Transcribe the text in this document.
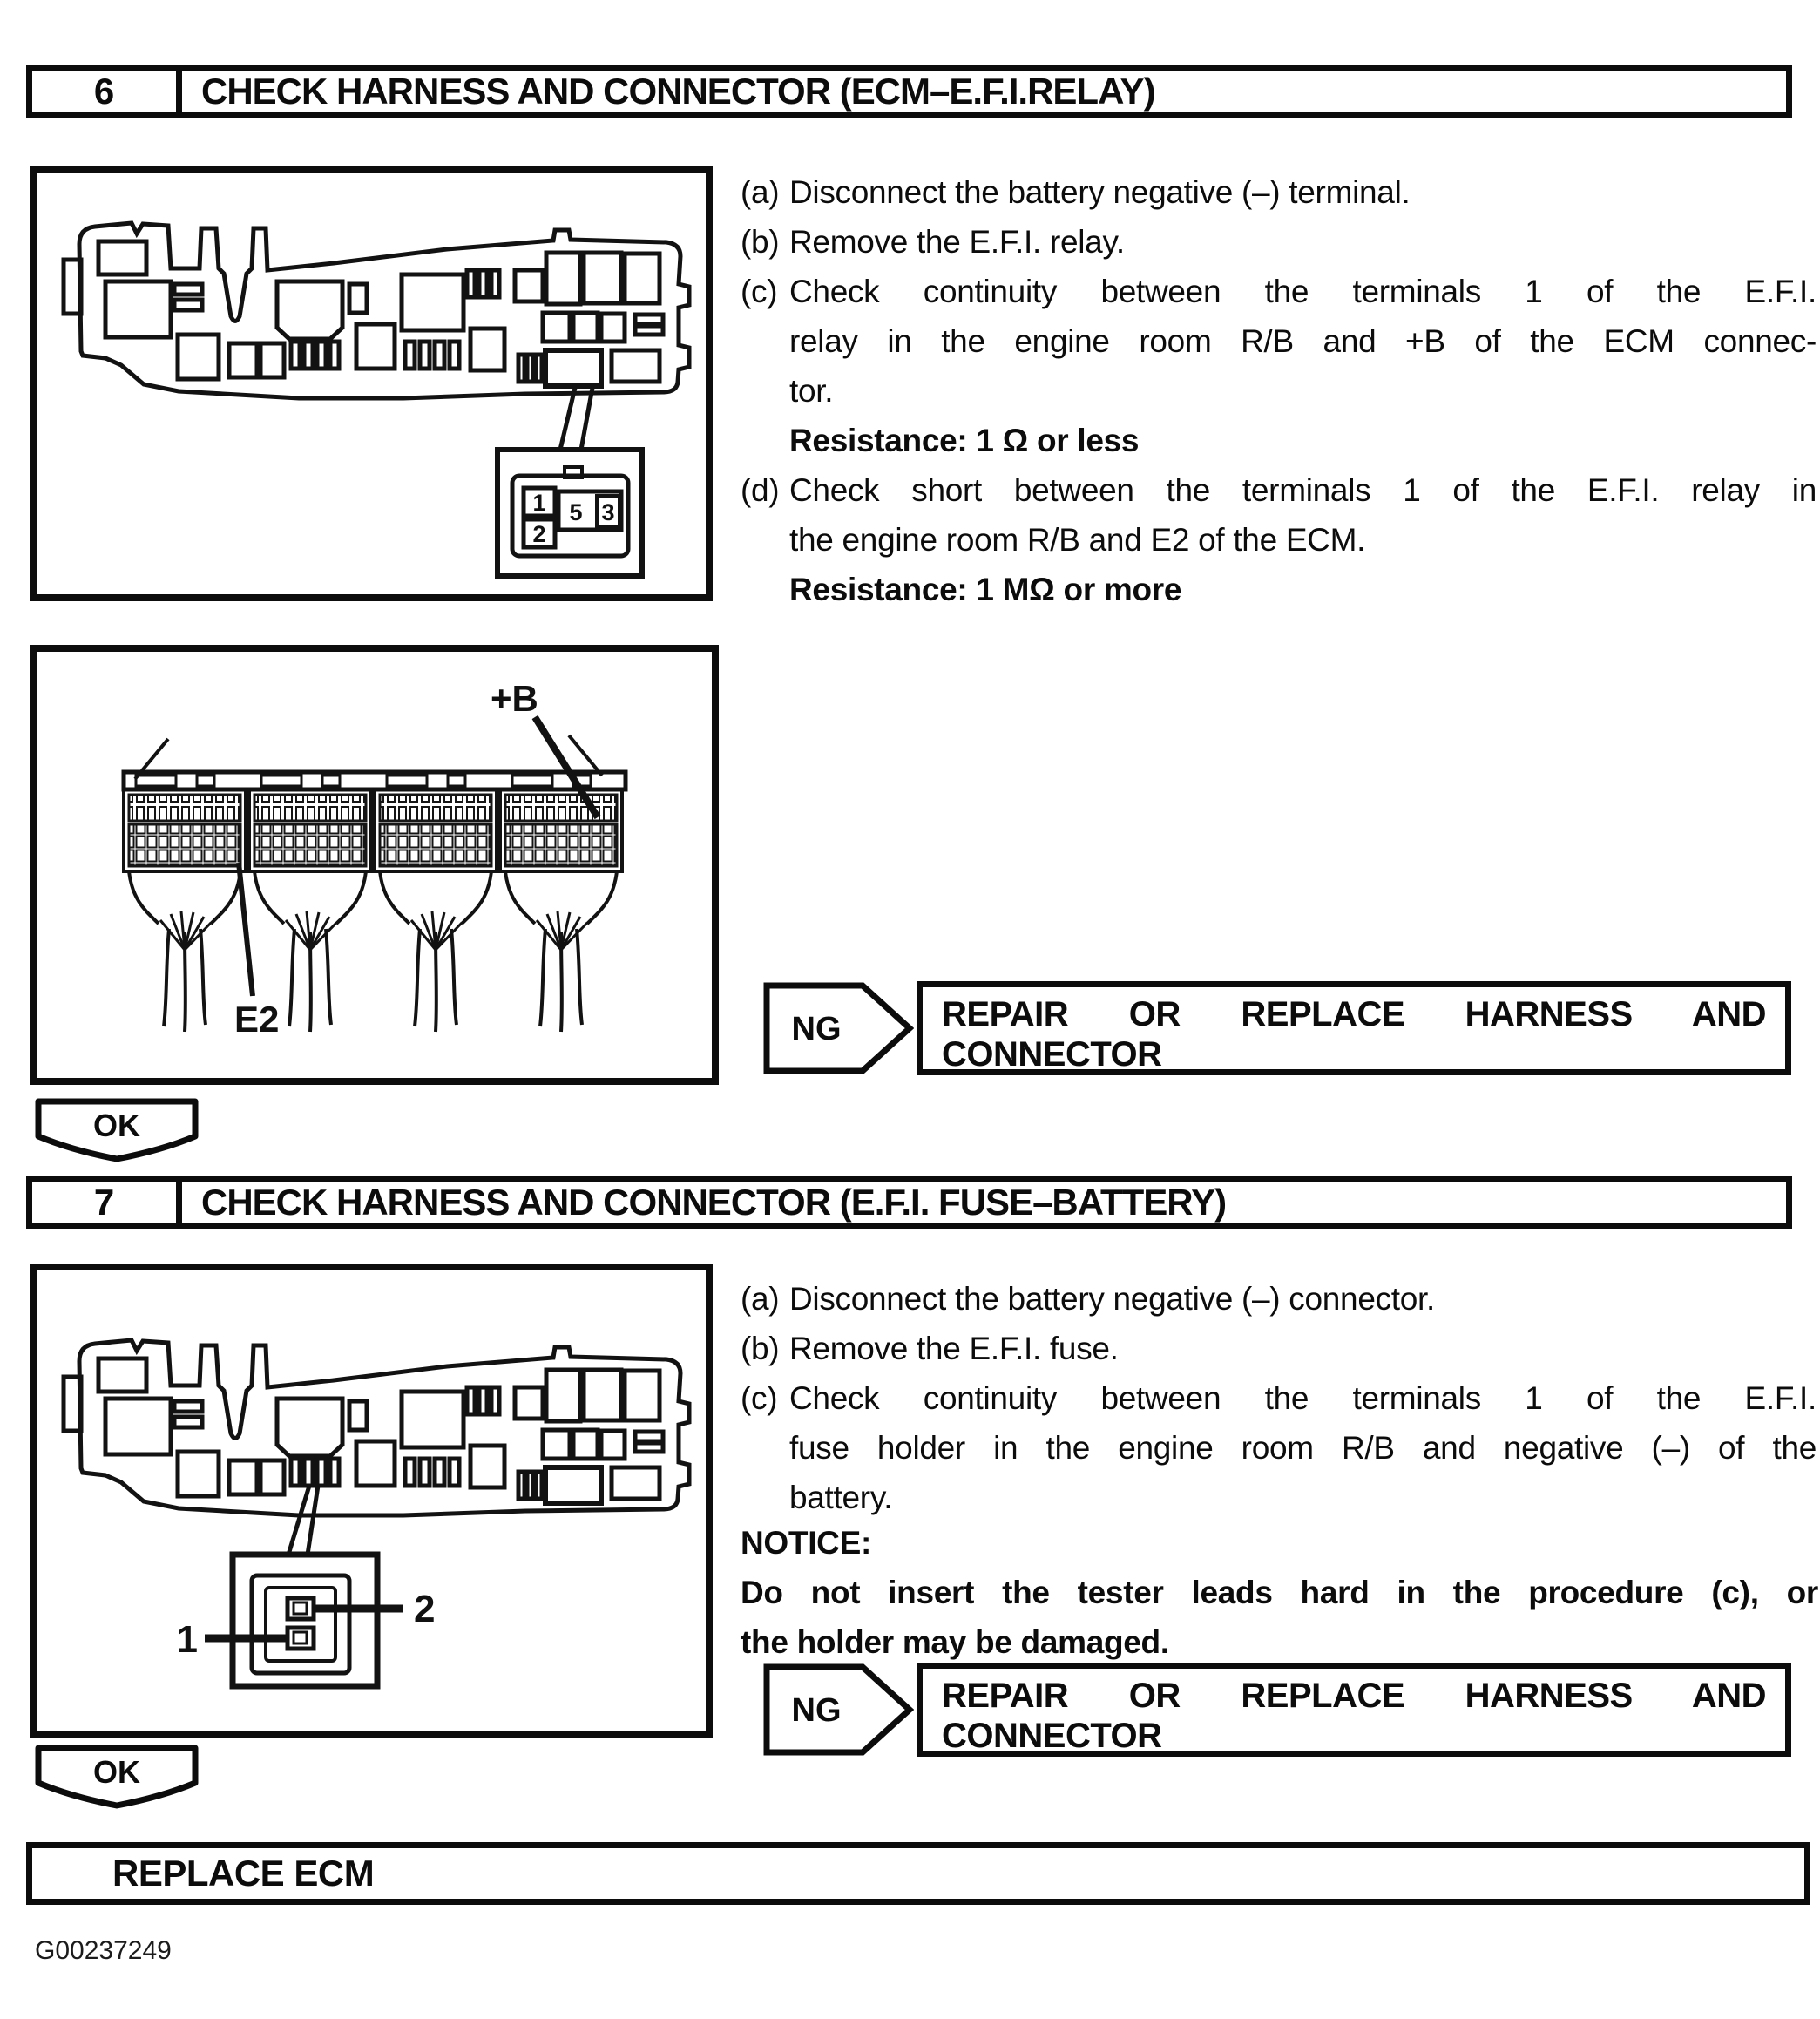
6	CHECK HARNESS AND CONNECTOR (ECM–E.F.I.RELAY)
1
2
5 3
(a) Disconnect the battery negative (–) terminal.
(b) Remove the E.F.I. relay.
(c) Check continuity between the terminals 1 of the E.F.I.
relay in the engine room R/B and +B of the ECM connec-
tor.
Resistance: 1 Ω or less
(d) Check short between the terminals 1 of the E.F.I. relay in
the engine room R/B and E2 of the ECM.
Resistance: 1 MΩ or more
+B
E2	NG	REPAIR OR REPLACE HARNESS AND
CONNECTOR
OK
7	CHECK HARNESS AND CONNECTOR (E.F.I. FUSE–BATTERY)
2
1
(a) Disconnect the battery negative (–) connector.
(b) Remove the E.F.I. fuse.
(c) Check continuity between the terminals 1 of the E.F.I.
fuse holder in the engine room R/B and negative (–) of the
battery.
NOTICE:
Do not insert the tester leads hard in the procedure (c), or
the holder may be damaged.
NG	REPAIR OR REPLACE HARNESS AND
CONNECTOR
OK
REPLACE ECM
G00237249
